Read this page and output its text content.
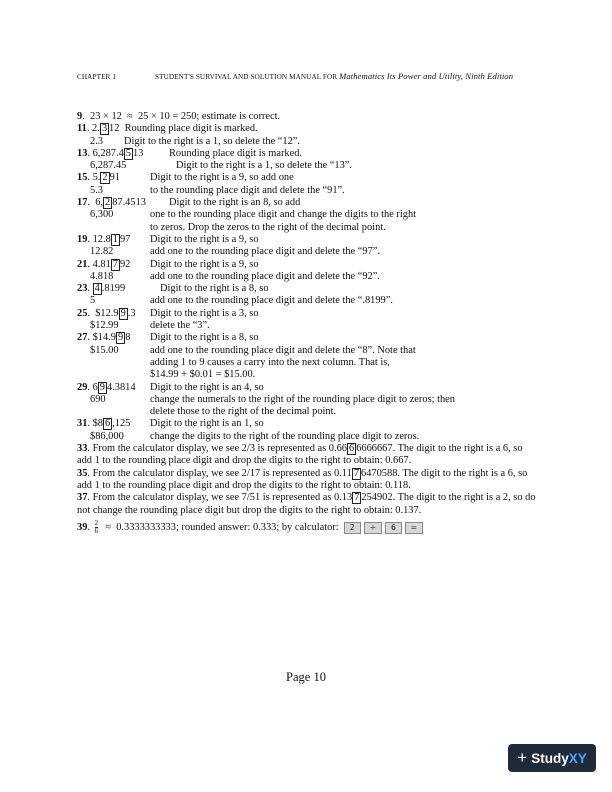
CHAPTER 1	STUDENT'S SURVIVAL AND SOLUTION MANUAL FOR Mathematics Its Power and Utility, Ninth Edition
9.  23 × 12 ≈ 25 × 10 = 250; estimate is correct.
11. 2. 3 12 Rounding place digit is marked.
2.3	Digit to the right is a 1, so delete the “12”.
13. 6,287.4 5 13	Rounding place digit is marked.
6,287.45	Digit to the right is a 1, so delete the “13”.
15. 5. 2 91	Digit to the right is a 9, so add one
5.3	to the rounding place digit and delete the “91”.
17.  6, 2 87.4513	Digit to the right is an 8, so add
6,300	one to the rounding place digit and change the digits to the right
to zeros. Drop the zeros to the right of the decimal point.
19. 12.8 1 97	Digit to the right is a 9, so
12.82	add one to the rounding place digit and delete the “97”.
21. 4.81 7 92	Digit to the right is a 9, so
4.818	add one to the rounding place digit and delete the “92”.
23. 4 .8199	Digit to the right is a 8, so
5	add one to the rounding place digit and delete the “.8199”.
25.  $12.9 9 .3	Digit to the right is a 3, so
$12.99	delete the “3”.
27. $14.9 9 8	Digit to the right is a 8, so
$15.00	add one to the rounding place digit and delete the “8”. Note that
adding 1 to 9 causes a carry into the next column. That is,
$14.99 + $0.01 = $15.00.
29. 6 9 4.3814	Digit to the right is an 4, so
690	change the numerals to the right of the rounding place digit to zeros; then
delete those to the right of the decimal point.
31. $8 6 ,125	Digit to the right is an 1, so
$86,000	change the digits to the right of the rounding place digit to zeros.
33. From the calculator display, we see 2/3 is represented as 0.66 6 6666667. The digit to the right is a 6, so add 1 to the rounding place digit and drop the digits to the right to obtain: 0.667.
35. From the calculator display, we see 2/17 is represented as 0.11 7 6470588. The digit to the right is a 6, so add 1 to the rounding place digit and drop the digits to the right to obtain: 0.118.
37. From the calculator display, we see 7/51 is represented as 0.13 7 254902. The digit to the right is a 2, so do not change the rounding place digit but drop the digits to the right to obtain: 0.137.
39. $\frac{2}{6} \approx 0.3333333333$; rounded answer: 0.333; by calculator: 2 ÷ 6 =
Page 10
+ StudyXY
